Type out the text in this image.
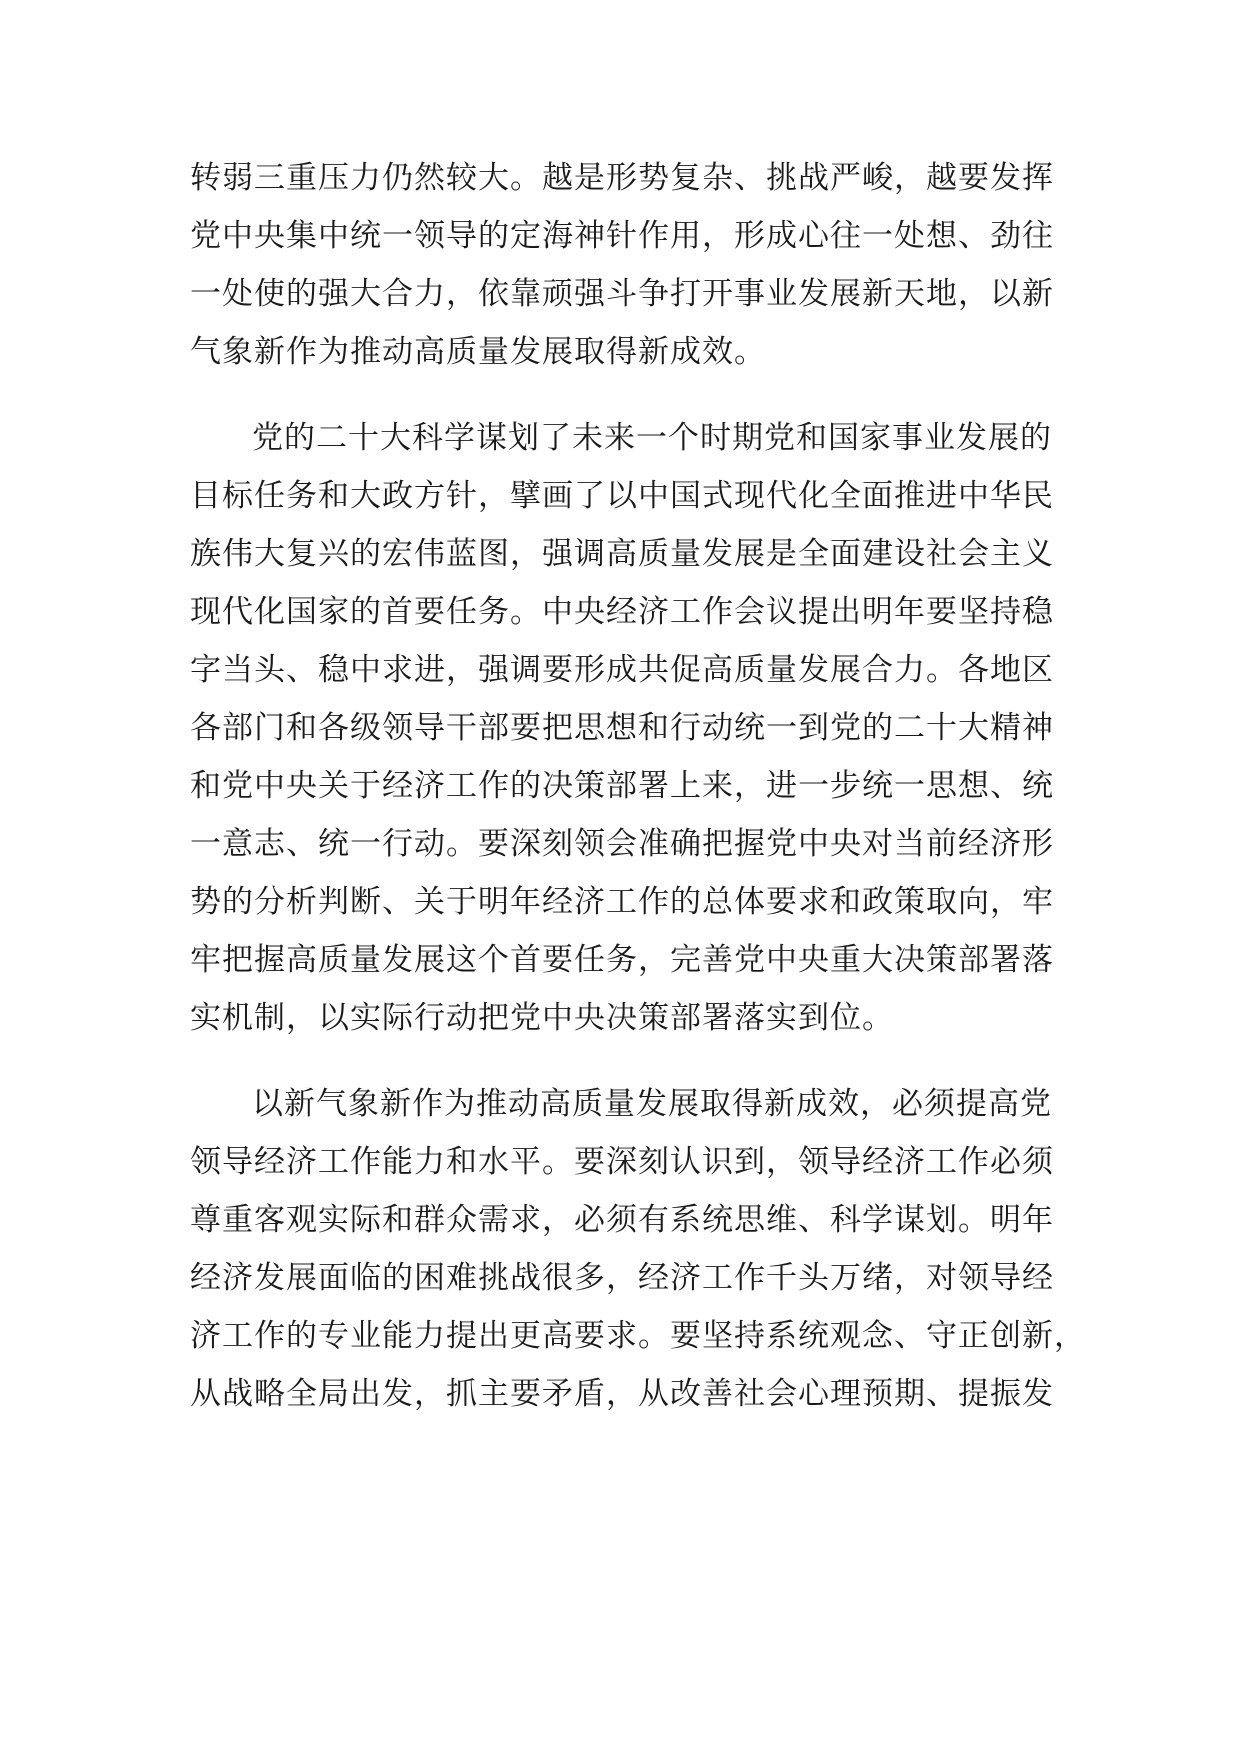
转弱三重压力仍然较大。越是形势复杂、挑战严峻，越要发挥
党中央集中统一领导的定海神针作用，形成心往一处想、劲往
一处使的强大合力，依靠顽强斗争打开事业发展新天地，以新
气象新作为推动高质量发展取得新成效。
党的二十大科学谋划了未来一个时期党和国家事业发展的
目标任务和大政方针，擘画了以中国式现代化全面推进中华民
族伟大复兴的宏伟蓝图，强调高质量发展是全面建设社会主义
现代化国家的首要任务。中央经济工作会议提出明年要坚持稳
字当头、稳中求进，强调要形成共促高质量发展合力。各地区
各部门和各级领导干部要把思想和行动统一到党的二十大精神
和党中央关于经济工作的决策部署上来，进一步统一思想、统
一意志、统一行动。要深刻领会准确把握党中央对当前经济形
势的分析判断、关于明年经济工作的总体要求和政策取向，牢
牢把握高质量发展这个首要任务，完善党中央重大决策部署落
实机制，以实际行动把党中央决策部署落实到位。
以新气象新作为推动高质量发展取得新成效，必须提高党
领导经济工作能力和水平。要深刻认识到，领导经济工作必须
尊重客观实际和群众需求，必须有系统思维、科学谋划。明年
经济发展面临的困难挑战很多，经济工作千头万绪，对领导经
济工作的专业能力提出更高要求。要坚持系统观念、守正创新，
从战略全局出发，抓主要矛盾，从改善社会心理预期、提振发
